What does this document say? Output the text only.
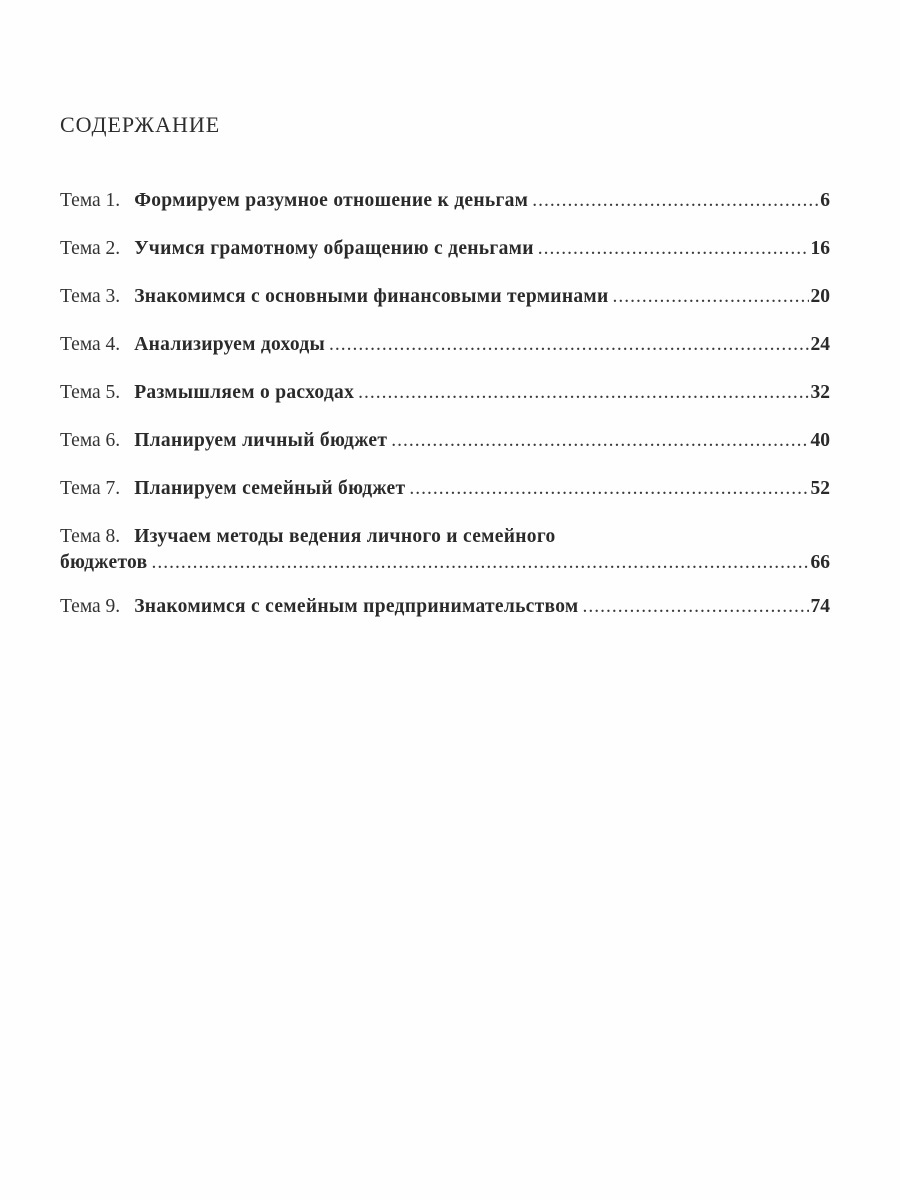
СОДЕРЖАНИЕ
Тема 1. Формируем разумное отношение к деньгам .....	6
Тема 2. Учимся грамотному обращению с деньгами .....	16
Тема 3. Знакомимся с основными финансовыми терминами .....	20
Тема 4. Анализируем доходы .....	24
Тема 5. Размышляем о расходах .....	32
Тема 6. Планируем личный бюджет .....	40
Тема 7. Планируем семейный бюджет .....	52
Тема 8. Изучаем методы ведения личного и семейного
бюджетов .....	66
Тема 9. Знакомимся с семейным предпринимательством .....	74
